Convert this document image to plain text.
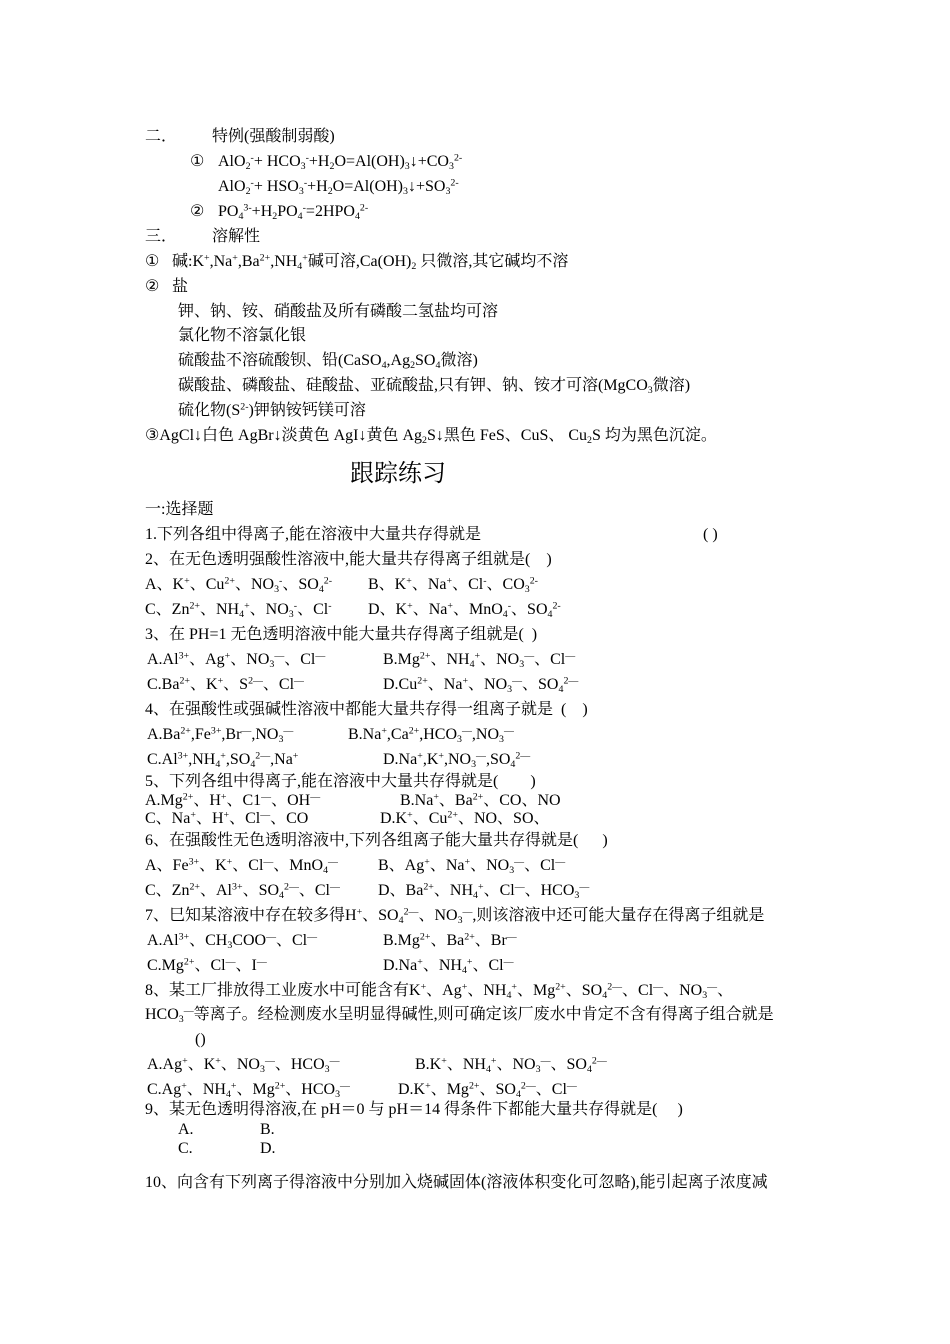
二． 特例(强酸制弱酸)
① $AlO_2^-+ HCO_3^-+H_2O=Al(OH)_3↓+CO_3^{2-}$
$AlO_2^-+ HSO_3^-+H_2O=Al(OH)_3↓+SO_3^{2-}$
② $PO_4^{3-}+H_2PO_4^-=2HPO_4^{2-}$
三． 溶解性
① 碱$:K^+,Na^+,Ba^{2+},NH_4^+$碱可溶$,Ca(OH)_2$ 只微溶,其它碱均不溶
② 盐
钾、钠、铵、硝酸盐及所有磷酸二氢盐均可溶
氯化物不溶氯化银
硫酸盐不溶硫酸钡、铅($CaSO_4,Ag_2SO_4$微溶)
碳酸盐、磷酸盐、硅酸盐、亚硫酸盐,只有钾、钠、铵才可溶(MgCO$_3$微溶)
硫化物$(S^{2-})$钾钠铵钙镁可溶
③AgCl↓白色 AgBr↓淡黄色 AgI↓黄色 $Ag_2S↓$黑色 FeS、CuS、 $Cu_2S$ 均为黑色沉淀。
跟踪练习
一:选择题
1.下列各组中得离子,能在溶液中大量共存得就是	( )
2、在无色透明强酸性溶液中,能大量共存得离子组就是(    )
A、K+、$Cu^{2+}$、$NO_3^-$、$SO_4^{2-}$ B、K+、Na+、Cl-、$CO_3^{2-}$
C、$Zn^{2+}$、$NH_4^+$、$NO_3^-$、Cl- D、K+、Na+、MnO$_4$-、$SO_4^{2-}$
3、在 PH=1 无色透明溶液中能大量共存得离子组就是(  )
$A.Al^{3+}$、Ag+、$NO_3^—$、Cl—	$B.Mg^{2+}$、$NH_4^+$、$NO_3^—$、Cl—
$C.Ba^{2+}$、K+、$S^{2—}$、Cl—	$D.Cu^{2+}$、Na+、$NO_3^—$、$SO_4^{2—}$
4、在强酸性或强碱性溶液中都能大量共存得一组离子就是  (    )
$A.Ba^{2+},Fe^{3+},Br^—,NO_3^—$	$B.Na^+,Ca^{2+},HCO_3^—,NO_3^—$
$C.Al^{3+},NH_4^+,SO_4^{2—},Na^+$	$D.Na^+,K^+,NO_3^—,SO_4^{2—}$
5、下列各组中得离子,能在溶液中大量共存得就是(        )
$A.Mg^{2+}$、H+、C1—、OH—	B.Na+、$Ba^{2+}$、CO、NO
C、Na+、H+、Cl—、CO	D.K+、$Cu^{2+}$、NO、SO、
6、在强酸性无色透明溶液中,下列各组离子能大量共存得就是(      )
A、$Fe^{3+}$、K+、Cl—、MnO$_4$—	B、Ag+、Na+、$NO_3^—$、Cl—
C、$Zn^{2+}$、$Al^{3+}$、$SO_4^{2—}$、Cl— D、$Ba^{2+}$、$NH_4^+$、Cl—、$HCO_3^—$
7、巳知某溶液中存在较多得H+、$SO_4^{2—}$、$NO_3^—$,则该溶液中还可能大量存在得离子组就是
$A.Al^{3+}$、$CH_3COO^—$、Cl—	$B.Mg^{2+}$、$Ba^{2+}$、Br—
$C.Mg^{2+}$、Cl—、I—	D.Na+、$NH_4^+$、Cl—
8、某工厂排放得工业废水中可能含有K+、Ag+、$NH_4^+$、$Mg^{2+}$、$SO_4^{2—}$、Cl—、$NO_3^—$、
$HCO_3^—$等离子。经检测废水呈明显得碱性,则可确定该厂废水中肯定不含有得离子组合就是
()
A.Ag+、K+、$NO_3^—$、$HCO_3^—$	B.K+、$NH_4^+$、$NO_3^—$、$SO_4^{2—}$
C.Ag+、$NH_4^+$、$Mg^{2+}$、$HCO_3^—$	D.K+、$Mg^{2+}$、$SO_4^{2—}$、Cl—
9、某无色透明得溶液,在 pH＝0 与 pH＝14 得条件下都能大量共存得就是(     )
A.	B.
C.	D.
10、向含有下列离子得溶液中分别加入烧碱固体(溶液体积变化可忽略),能引起离子浓度减
